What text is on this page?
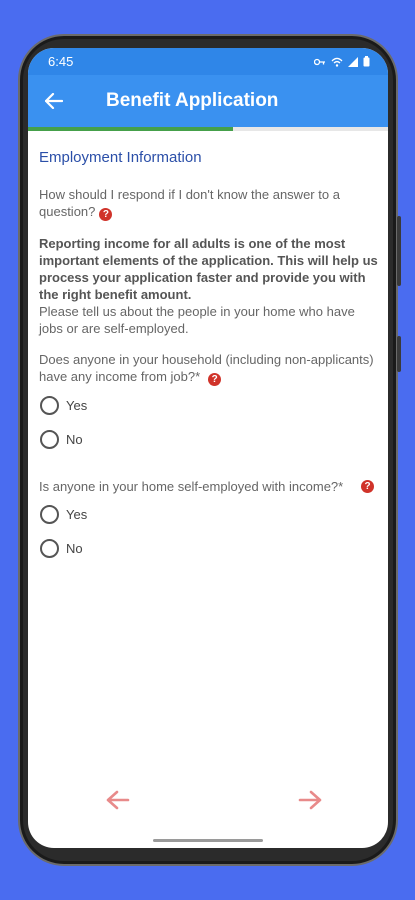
6:45
Benefit Application
Employment Information
How should I respond if I don't know the answer to a question? ?
Reporting income for all adults is one of the most important elements of the application. This will help us process your application faster and provide you with the right benefit amount.
Please tell us about the people in your home who have jobs or are self-employed.
Does anyone in your household (including non-applicants) have any income from job?* ?
Yes
No
Is anyone in your home self-employed with income?*	?
Yes
No
